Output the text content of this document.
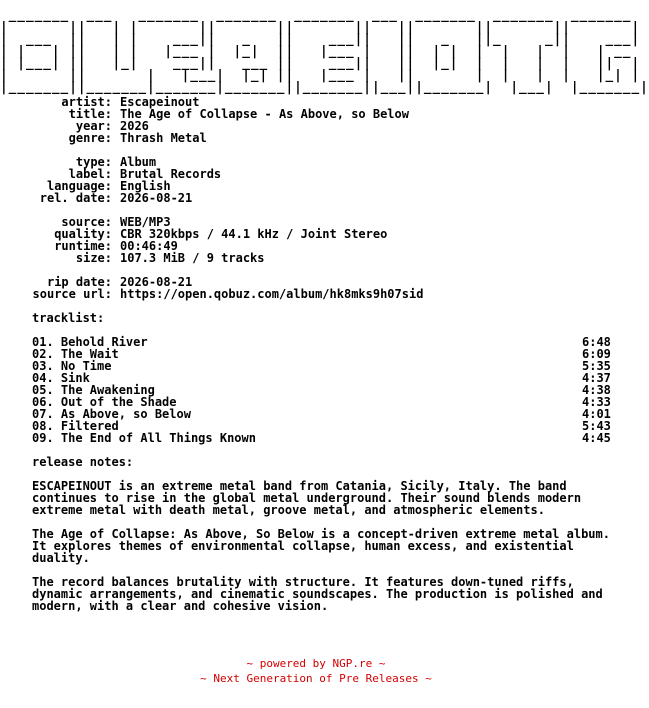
_______  ___   _______  _______  _______  ___  _______  _______  _______
|       ||   | |       ||       ||       ||   ||       ||       ||       |
|  ___  ||   | |    ___||   _   ||    ___||   ||   _   ||_     _||    ___|
| |   | ||   | |   |___ |  |_|  ||   |___ |   ||  | |  |  |   |  |   | __
| |___| ||   |_|    ___||   ___ ||    ___||   ||  |_|  |  |   |  |   ||  |
|       ||       |   |___|  |_| ||   |___ |   ||       |  |   |  |   |_| |
|_______||_______|_______|_______||_______||___||_______|  |___|  |_______|
artist: Escapeinout
title: The Age of Collapse - As Above, so Below
year: 2026
genre: Thrash Metal
type: Album
label: Brutal Records
language: English
rel. date: 2026-08-21
source: WEB/MP3
quality: CBR 320kbps / 44.1 kHz / Joint Stereo
runtime: 00:46:49
size: 107.3 MiB / 9 tracks
rip date: 2026-08-21
source url: https://open.qobuz.com/album/hk8mks9h07sid
tracklist:
01. Behold River	6:48
02. The Wait	6:09
03. No Time	5:35
04. Sink	4:37
05. The Awakening	4:38
06. Out of the Shade	4:33
07. As Above, so Below	4:01
08. Filtered	5:43
09. The End of All Things Known	4:45
release notes:

ESCAPEINOUT is an extreme metal band from Catania, Sicily, Italy. The band continues to rise in the global metal underground. Their sound blends modern extreme metal with death metal, groove metal, and atmospheric elements.

The Age of Collapse: As Above, So Below is a concept-driven extreme metal album. It explores themes of environmental collapse, human excess, and existential duality.

The record balances brutality with structure. It features down-tuned riffs, dynamic arrangements, and cinematic soundscapes. The production is polished and modern, with a clear and cohesive vision.

~ powered by NGP.re ~
~ Next Generation of Pre Releases ~
